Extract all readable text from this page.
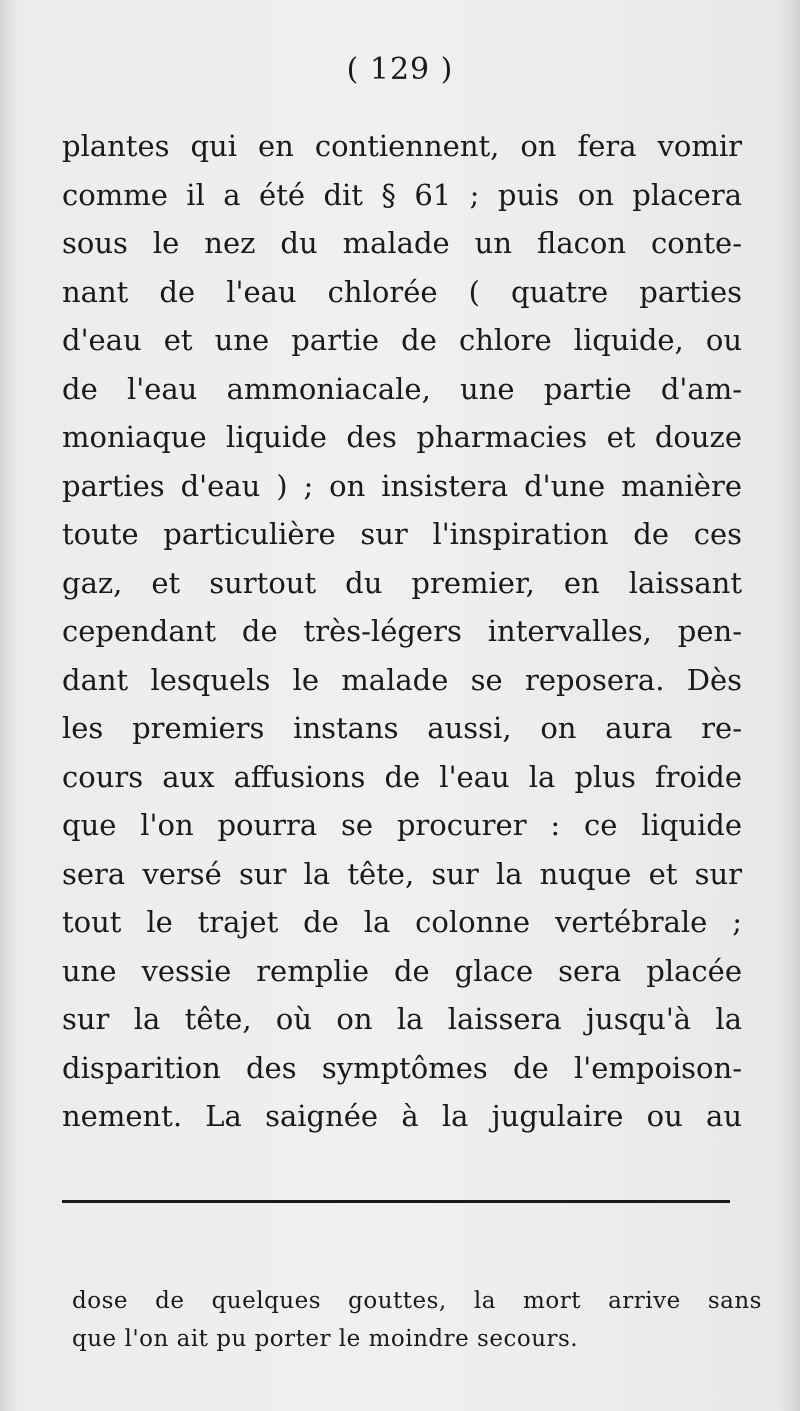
( 129 )
plantes qui en contiennent, on fera vomir
comme il a été dit § 61 ; puis on placera
sous le nez du malade un flacon conte-
nant de l'eau chlorée ( quatre parties
d'eau et une partie de chlore liquide, ou
de l'eau ammoniacale, une partie d'am-
moniaque liquide des pharmacies et douze
parties d'eau ) ; on insistera d'une manière
toute particulière sur l'inspiration de ces
gaz, et surtout du premier, en laissant
cependant de très-légers intervalles, pen-
dant lesquels le malade se reposera. Dès
les premiers instans aussi, on aura re-
cours aux affusions de l'eau la plus froide
que l'on pourra se procurer : ce liquide
sera versé sur la tête, sur la nuque et sur
tout le trajet de la colonne vertébrale ;
une vessie remplie de glace sera placée
sur la tête, où on la laissera jusqu'à la
disparition des symptômes de l'empoison-
nement. La saignée à la jugulaire ou au
dose de quelques gouttes, la mort arrive sans
que l'on ait pu porter le moindre secours.
